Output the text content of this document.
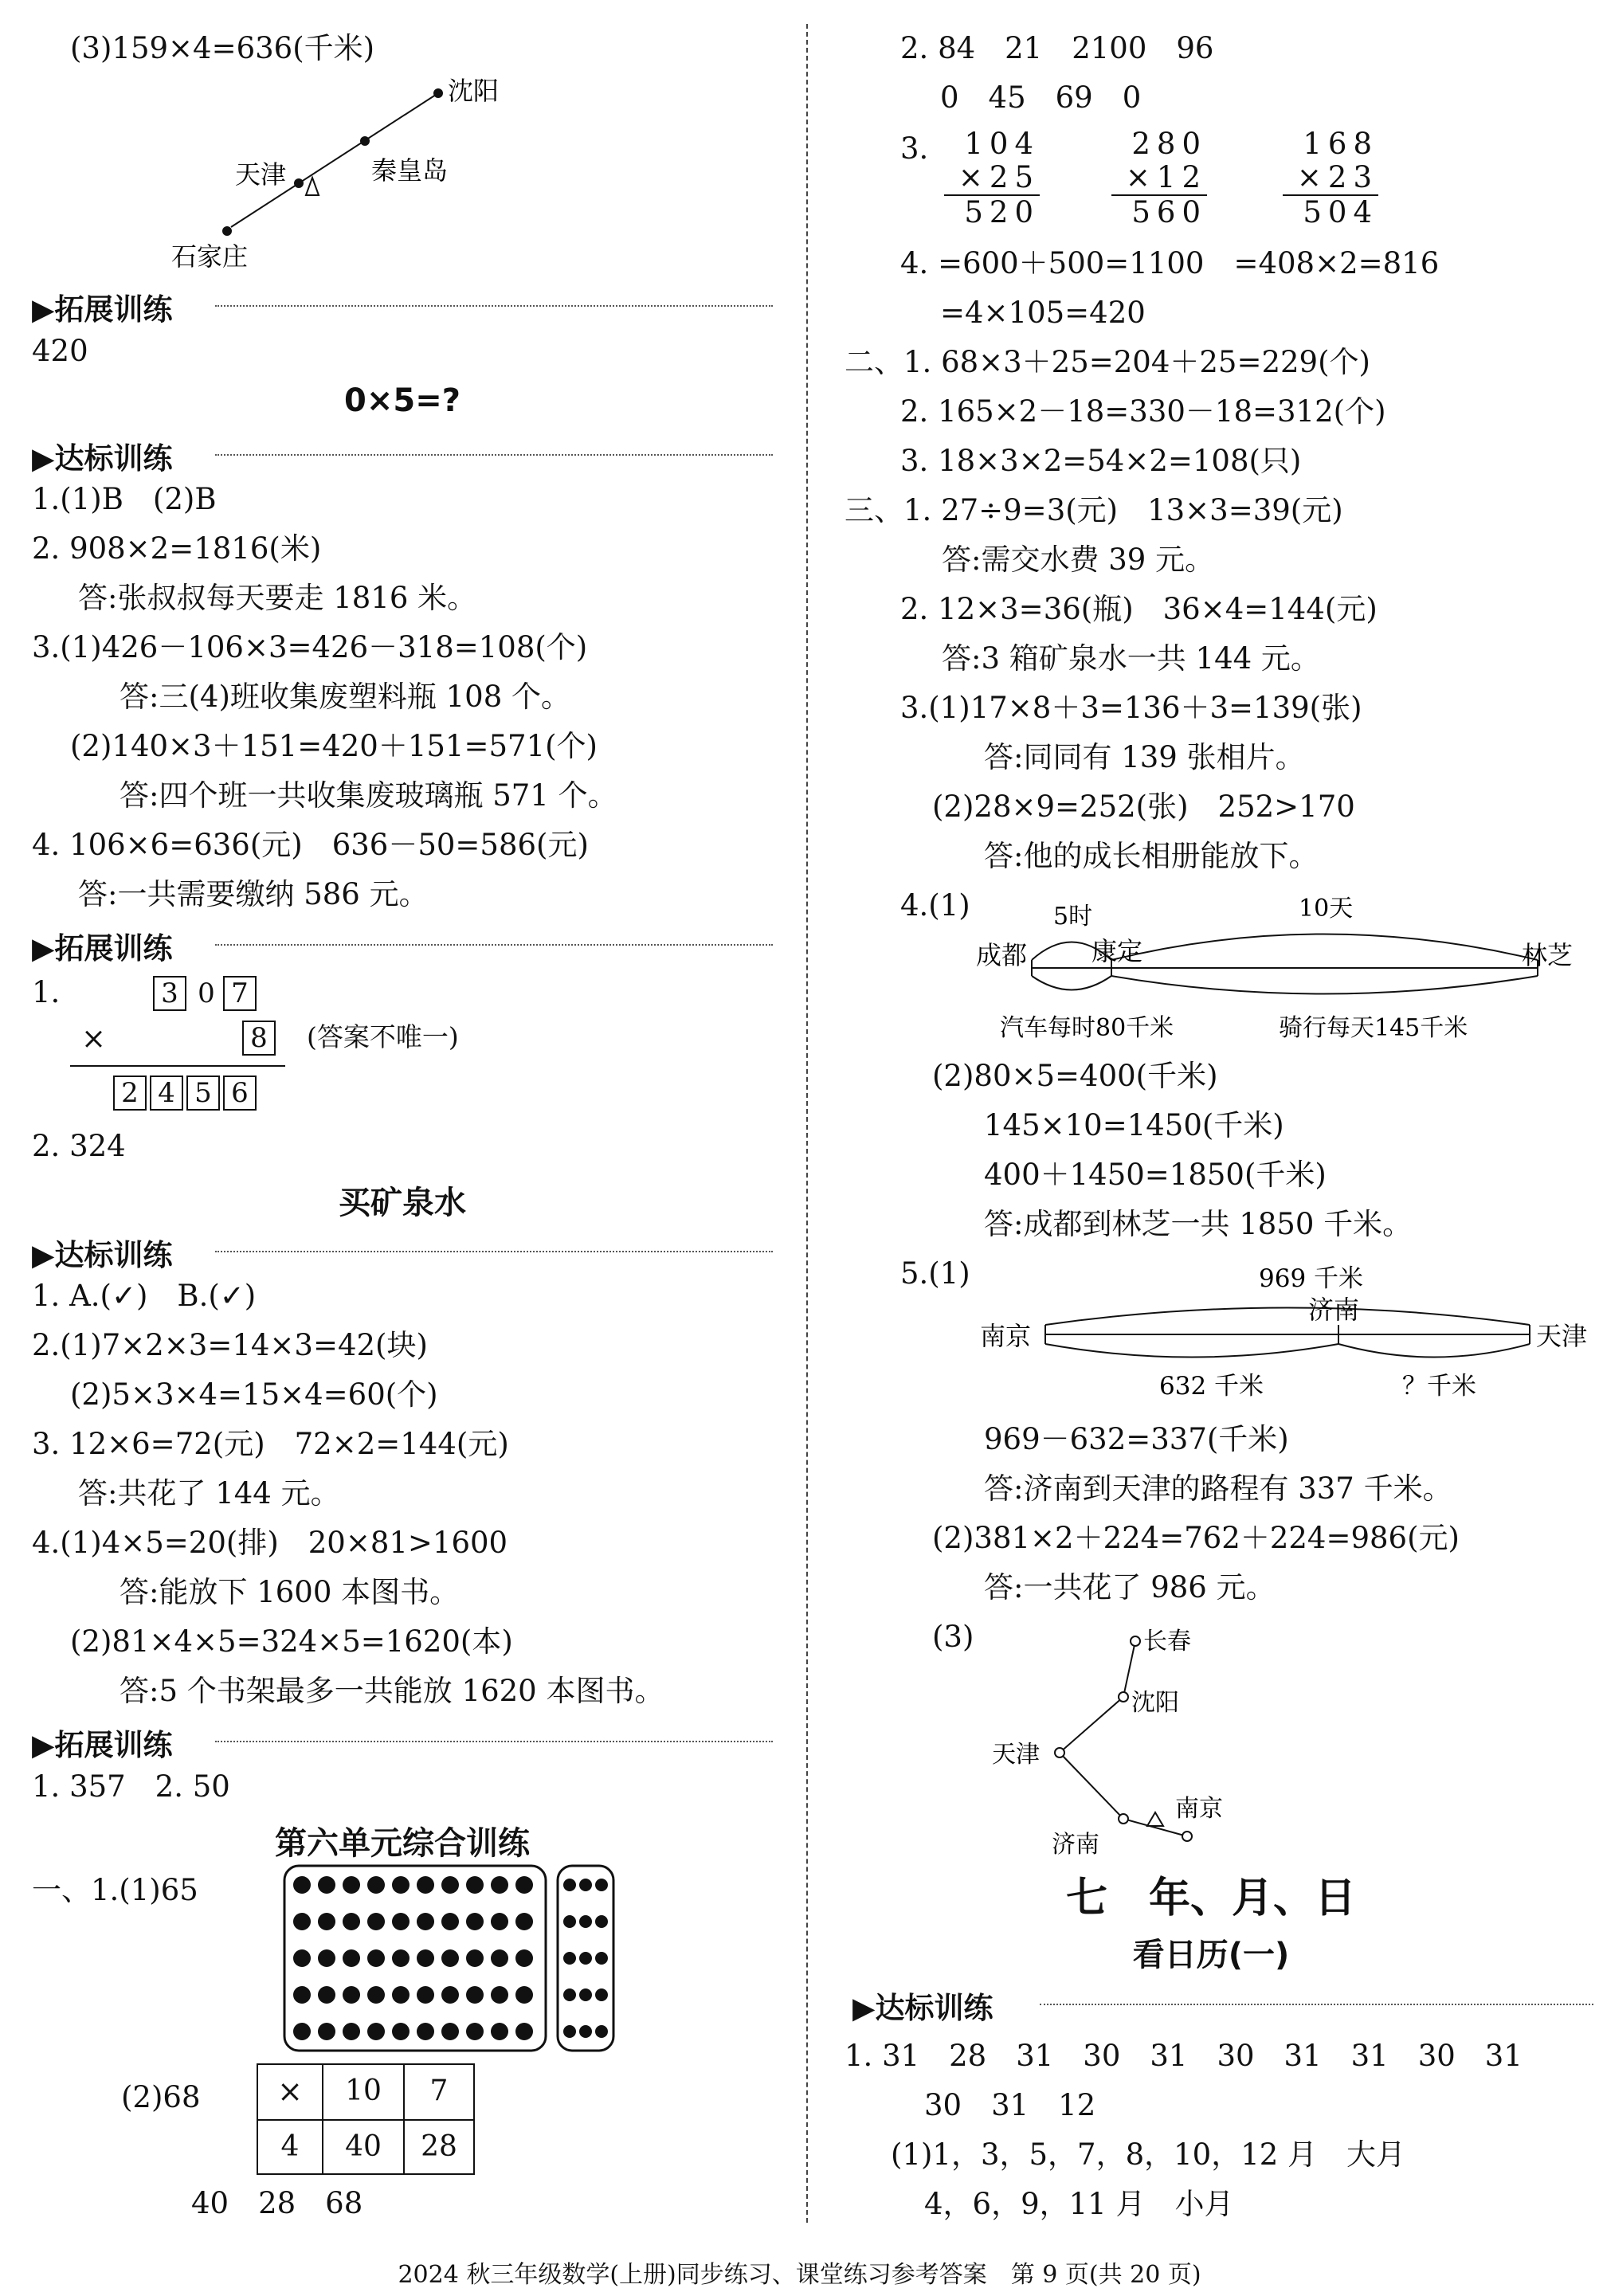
(3)159×4=636(千米)
沈阳
秦皇岛
天津
石家庄
▶拓展训练
420
0×5=?
▶达标训练
1.(1)B　(2)B
2. 908×2=1816(米)
答:张叔叔每天要走 1816 米。
3.(1)426－106×3=426－318=108(个)
答:三(4)班收集废塑料瓶 108 个。
(2)140×3＋151=420＋151=571(个)
答:四个班一共收集废玻璃瓶 571 个。
4. 106×6=636(元)　636－50=586(元)
答:一共需要缴纳 586 元。
▶拓展训练
1.	3 0 7
×	8	(答案不唯一)
2 4 5 6
2. 324
买矿泉水
▶达标训练
1. A.(✓)　B.(✓)
2.(1)7×2×3=14×3=42(块)
(2)5×3×4=15×4=60(个)
3. 12×6=72(元)　72×2=144(元)
答:共花了 144 元。
4.(1)4×5=20(排)　20×81>1600
答:能放下 1600 本图书。
(2)81×4×5=324×5=1620(本)
答:5 个书架最多一共能放 1620 本图书。
▶拓展训练
1. 357　2. 50
第六单元综合训练
一、1.(1)65
(2)68	×	10	7
4	40	28
40　28　68
2. 84　21　2100　96
0　45　69　0
3.	104
×25
520
280
×12
560
168
×23
504
4. =600＋500=1100　=408×2=816
=4×105=420
二、1. 68×3＋25=204＋25=229(个)
2. 165×2－18=330－18=312(个)
3. 18×3×2=54×2=108(只)
三、1. 27÷9=3(元)　13×3=39(元)
答:需交水费 39 元。
2. 12×3=36(瓶)　36×4=144(元)
答:3 箱矿泉水一共 144 元。
3.(1)17×8＋3=136＋3=139(张)
答:同同有 139 张相片。
(2)28×9=252(张)　252>170
答:他的成长相册能放下。
4.(1)	5时	10天
成都	康定	林芝
汽车每时80千米	骑行每天145千米
(2)80×5=400(千米)
145×10=1450(千米)
400＋1450=1850(千米)
答:成都到林芝一共 1850 千米。
5.(1)	969 千米
济南
南京	天津
632 千米	？千米
969－632=337(千米)
答:济南到天津的路程有 337 千米。
(2)381×2＋224=762＋224=986(元)
答:一共花了 986 元。
(3)	长春
沈阳
天津
济南
南京
七　年、月、日
看日历(一)
▶达标训练
1. 31　28　31　30　31　30　31　31　30　31
30　31　12
(1)1，3，5，7，8，10，12 月　大月
4，6，9，11 月　小月
2024 秋三年级数学(上册)同步练习、课堂练习参考答案　第 9 页(共 20 页)
